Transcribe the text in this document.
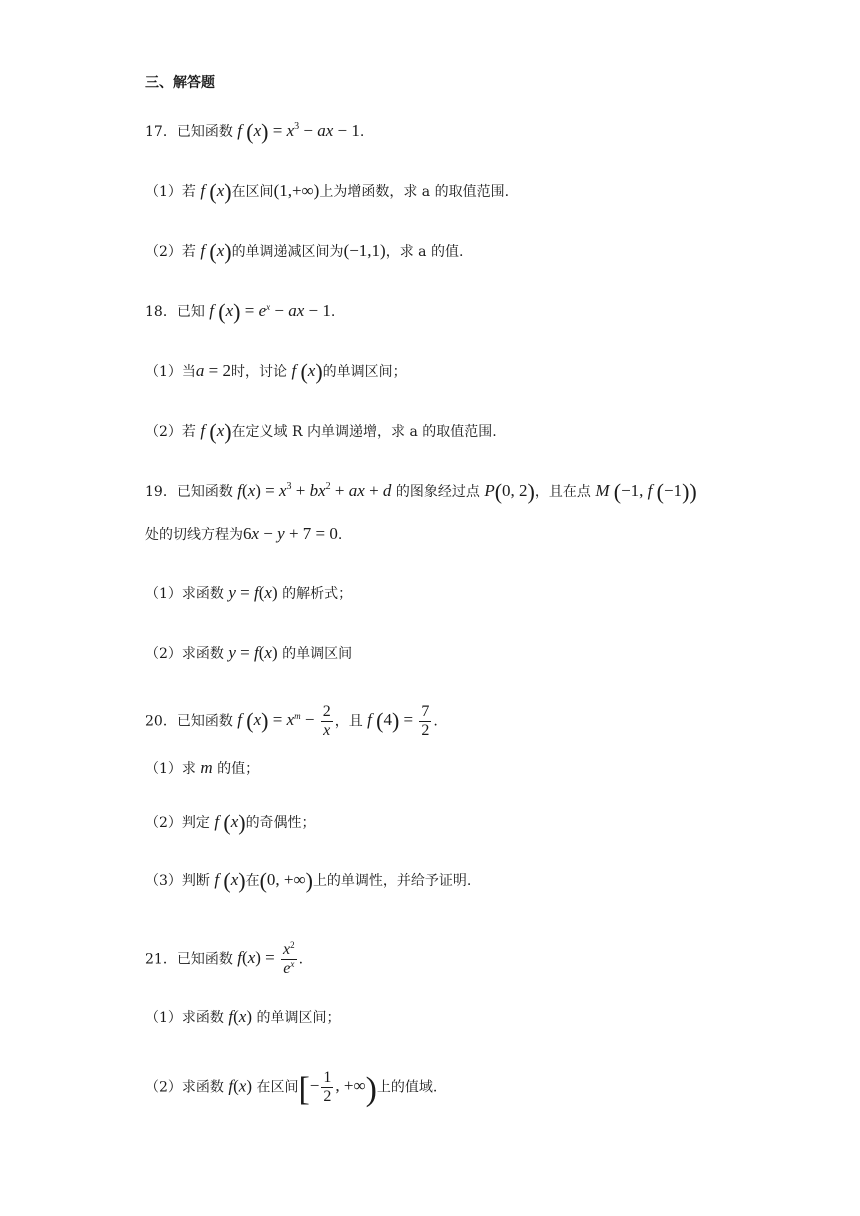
三、解答题
17．已知函数 f $(x) = x^3$ − ax − 1.
（1）若 f (x)在区间(1,+∞)上为增函数，求 a 的取值范围.
（2）若 f (x)的单调递减区间为(−1,1)，求 a 的值.
18．已知 f $(x) = e^x$ − ax − 1.
（1）当a = 2时，讨论 f (x)的单调区间；
（2）若 f (x)在定义域 R 内单调递增，求 a 的取值范围.
19．已知函数 $f(x) = x^3 + bx^2$ + ax + d 的图象经过点 P(0, 2)，且在点 M (−1, f (−1))
处的切线方程为6x − y + 7 = 0.
（1）求函数 y = f(x) 的解析式；
（2）求函数 y = f(x) 的单调区间
20．已知函数 f $(x) = x^m - \frac{2}{x}$ ，且 f $(4) = \frac{7}{2}$ .
（1）求 m 的值；
（2）判定 f (x)的奇偶性；
（3）判断 f (x)在(0, +∞)上的单调性，并给予证明.
21．已知函数 $f(x) = \frac{x^2}{e^x}$ .
（1）求函数 f(x) 的单调区间；
（2）求函数 f(x) 在区间[− $\frac{1}{2}$ , +∞)上的值域.
